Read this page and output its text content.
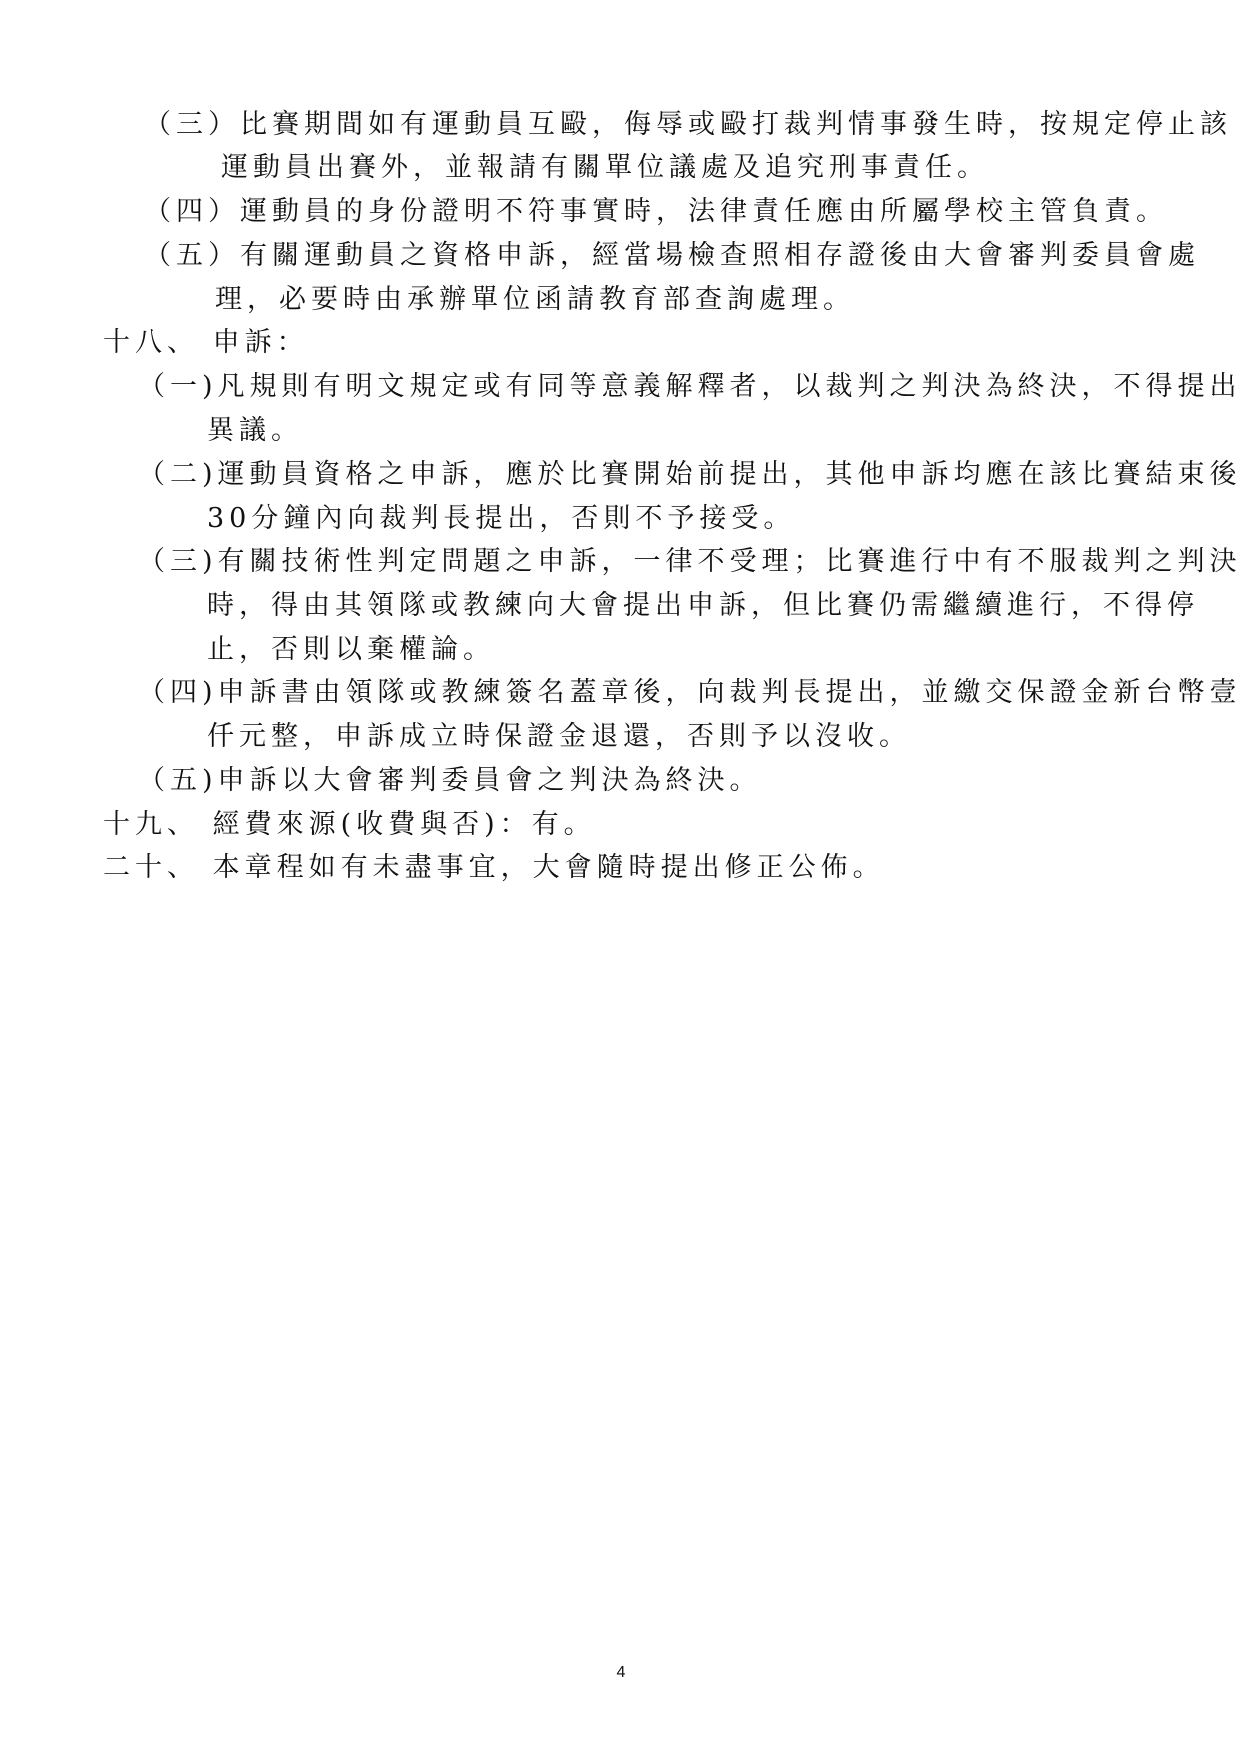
（三）比賽期間如有運動員互毆，侮辱或毆打裁判情事發生時，按規定停止該
運動員出賽外，並報請有關單位議處及追究刑事責任。
（四）運動員的身份證明不符事實時，法律責任應由所屬學校主管負責。
（五）有關運動員之資格申訴，經當場檢查照相存證後由大會審判委員會處
理，必要時由承辦單位函請教育部查詢處理。
十八、 申訴：
（一)凡規則有明文規定或有同等意義解釋者，以裁判之判決為終決，不得提出
異議。
（二)運動員資格之申訴，應於比賽開始前提出，其他申訴均應在該比賽結束後
30分鐘內向裁判長提出，否則不予接受。
（三)有關技術性判定問題之申訴，一律不受理；比賽進行中有不服裁判之判決
時，得由其領隊或教練向大會提出申訴，但比賽仍需繼續進行，不得停
止，否則以棄權論。
（四)申訴書由領隊或教練簽名蓋章後，向裁判長提出，並繳交保證金新台幣壹
仟元整，申訴成立時保證金退還，否則予以沒收。
（五)申訴以大會審判委員會之判決為終決。
十九、 經費來源(收費與否)：有。
二十、 本章程如有未盡事宜，大會隨時提出修正公佈。
4
